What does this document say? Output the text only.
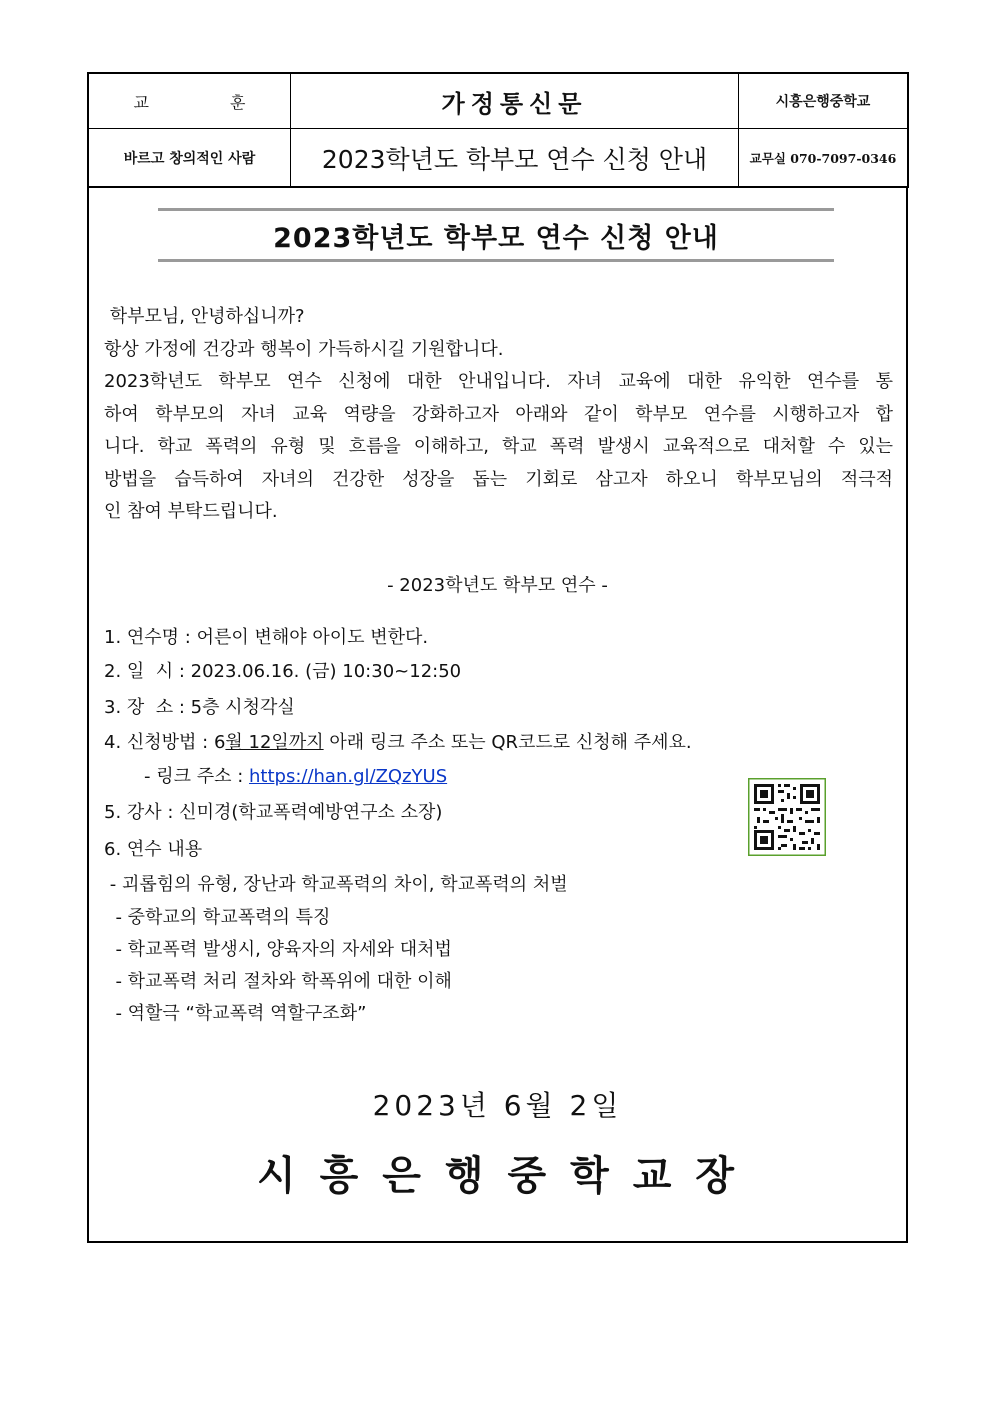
교 훈	가정통신문	시흥은행중학교
바르고 창의적인 사람	2023학년도 학부모 연수 신청 안내	교무실 070-7097-0346
2023학년도 학부모 연수 신청 안내

학부모님, 안녕하십니까?

항상 가정에 건강과 행복이 가득하시길 기원합니다.

2023학년도 학부모 연수 신청에 대한 안내입니다. 자녀 교육에 대한 유익한 연수를 통

하여 학부모의 자녀 교육 역량을 강화하고자 아래와 같이 학부모 연수를 시행하고자 합

니다. 학교 폭력의 유형 및 흐름을 이해하고, 학교 폭력 발생시 교육적으로 대처할 수 있는

방법을 습득하여 자녀의 건강한 성장을 돕는 기회로 삼고자 하오니 학부모님의 적극적

인 참여 부탁드립니다.

- 2023학년도 학부모 연수 -
1. 연수명 : 어른이 변해야 아이도 변한다.
2. 일  시 : 2023.06.16. (금) 10:30~12:50
3. 장  소 : 5층 시청각실
4. 신청방법 : 6월 12일까지 아래 링크 주소 또는 QR코드로 신청해 주세요.
- 링크 주소 : https://han.gl/ZQzYUS
5. 강사 : 신미경(학교폭력예방연구소 소장)
6. 연수 내용
- 괴롭힘의 유형, 장난과 학교폭력의 차이, 학교폭력의 처벌
- 중학교의 학교폭력의 특징
- 학교폭력 발생시, 양육자의 자세와 대처법
- 학교폭력 처리 절차와 학폭위에 대한 이해
- 역할극 “학교폭력 역할구조화”
2023년 6월 2일
시흥은행중학교장
